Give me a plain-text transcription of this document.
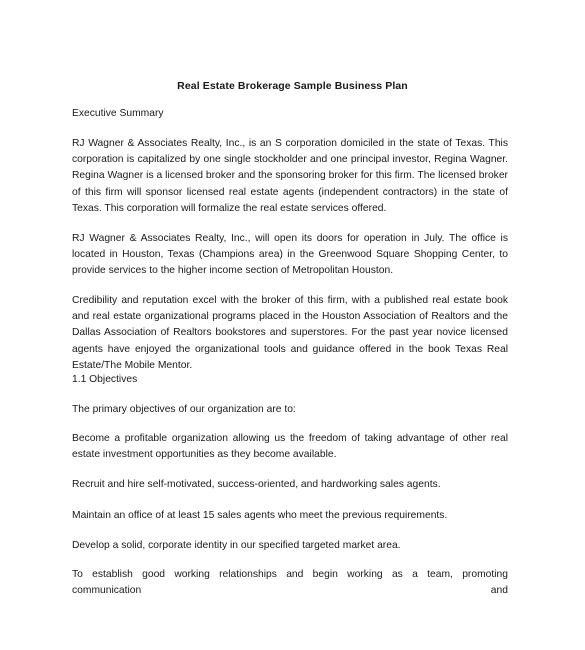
Real Estate Brokerage Sample Business Plan

Executive Summary

RJ Wagner & Associates Realty, Inc., is an S corporation domiciled in the state of Texas. This corporation is capitalized by one single stockholder and one principal investor, Regina Wagner. Regina Wagner is a licensed broker and the sponsoring broker for this firm. The licensed broker of this firm will sponsor licensed real estate agents (independent contractors) in the state of Texas. This corporation will formalize the real estate services offered.

RJ Wagner & Associates Realty, Inc., will open its doors for operation in July. The office is located in Houston, Texas (Champions area) in the Greenwood Square Shopping Center, to provide services to the higher income section of Metropolitan Houston.

Credibility and reputation excel with the broker of this firm, with a published real estate book and real estate organizational programs placed in the Houston Association of Realtors and the Dallas Association of Realtors bookstores and superstores. For the past year novice licensed agents have enjoyed the organizational tools and guidance offered in the book Texas Real Estate/The Mobile Mentor.

1.1 Objectives

The primary objectives of our organization are to:

Become a profitable organization allowing us the freedom of taking advantage of other real estate investment opportunities as they become available.

Recruit and hire self-motivated, success-oriented, and hardworking sales agents.

Maintain an office of at least 15 sales agents who meet the previous requirements.

Develop a solid, corporate identity in our specified targeted market area.

To establish good working relationships and begin working as a team, promoting communication and
